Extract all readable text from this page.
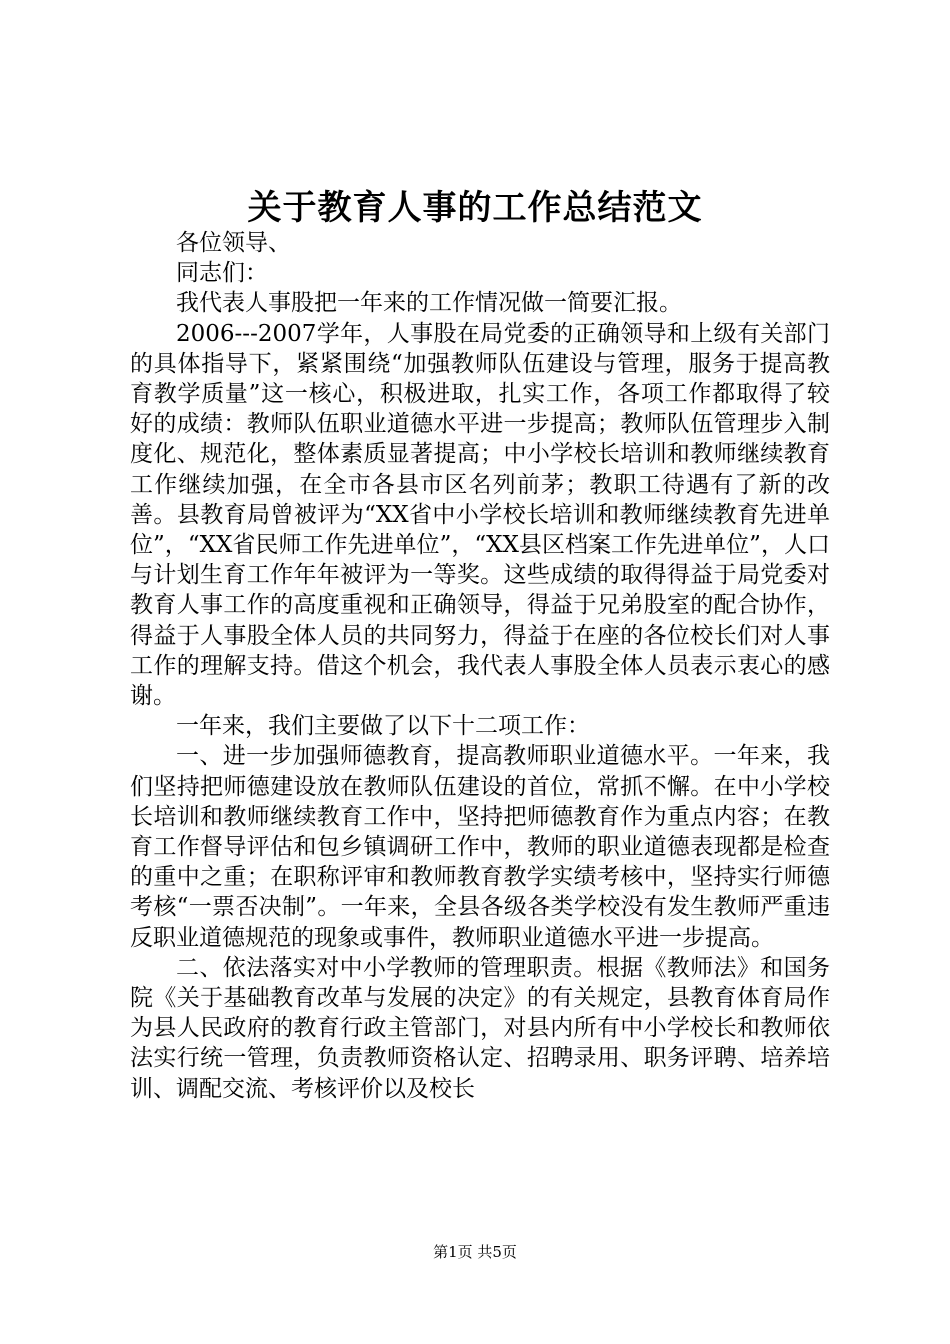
关于教育人事的工作总结范文

各位领导、

同志们：

我代表人事股把一年来的工作情况做一简要汇报。

2006---2007学年，人事股在局党委的正确领导和上级有关部门的具体指导下，紧紧围绕“加强教师队伍建设与管理，服务于提高教育教学质量”这一核心，积极进取，扎实工作，各项工作都取得了较好的成绩：教师队伍职业道德水平进一步提高；教师队伍管理步入制度化、规范化，整体素质显著提高；中小学校长培训和教师继续教育工作继续加强，在全市各县市区名列前茅；教职工待遇有了新的改善。县教育局曾被评为“XX省中小学校长培训和教师继续教育先进单位”，“XX省民师工作先进单位”，“XX县区档案工作先进单位”，人口与计划生育工作年年被评为一等奖。这些成绩的取得得益于局党委对教育人事工作的高度重视和正确领导，得益于兄弟股室的配合协作，得益于人事股全体人员的共同努力，得益于在座的各位校长们对人事工作的理解支持。借这个机会，我代表人事股全体人员表示衷心的感谢。

一年来，我们主要做了以下十二项工作：

一、进一步加强师德教育，提高教师职业道德水平。一年来，我们坚持把师德建设放在教师队伍建设的首位，常抓不懈。在中小学校长培训和教师继续教育工作中，坚持把师德教育作为重点内容；在教育工作督导评估和包乡镇调研工作中，教师的职业道德表现都是检查的重中之重；在职称评审和教师教育教学实绩考核中，坚持实行师德考核“一票否决制”。一年来，全县各级各类学校没有发生教师严重违反职业道德规范的现象或事件，教师职业道德水平进一步提高。

二、依法落实对中小学教师的管理职责。根据《教师法》和国务院《关于基础教育改革与发展的决定》的有关规定，县教育体育局作为县人民政府的教育行政主管部门，对县内所有中小学校长和教师依法实行统一管理，负责教师资格认定、招聘录用、职务评聘、培养培训、调配交流、考核评价以及校长

第1页 共5页
